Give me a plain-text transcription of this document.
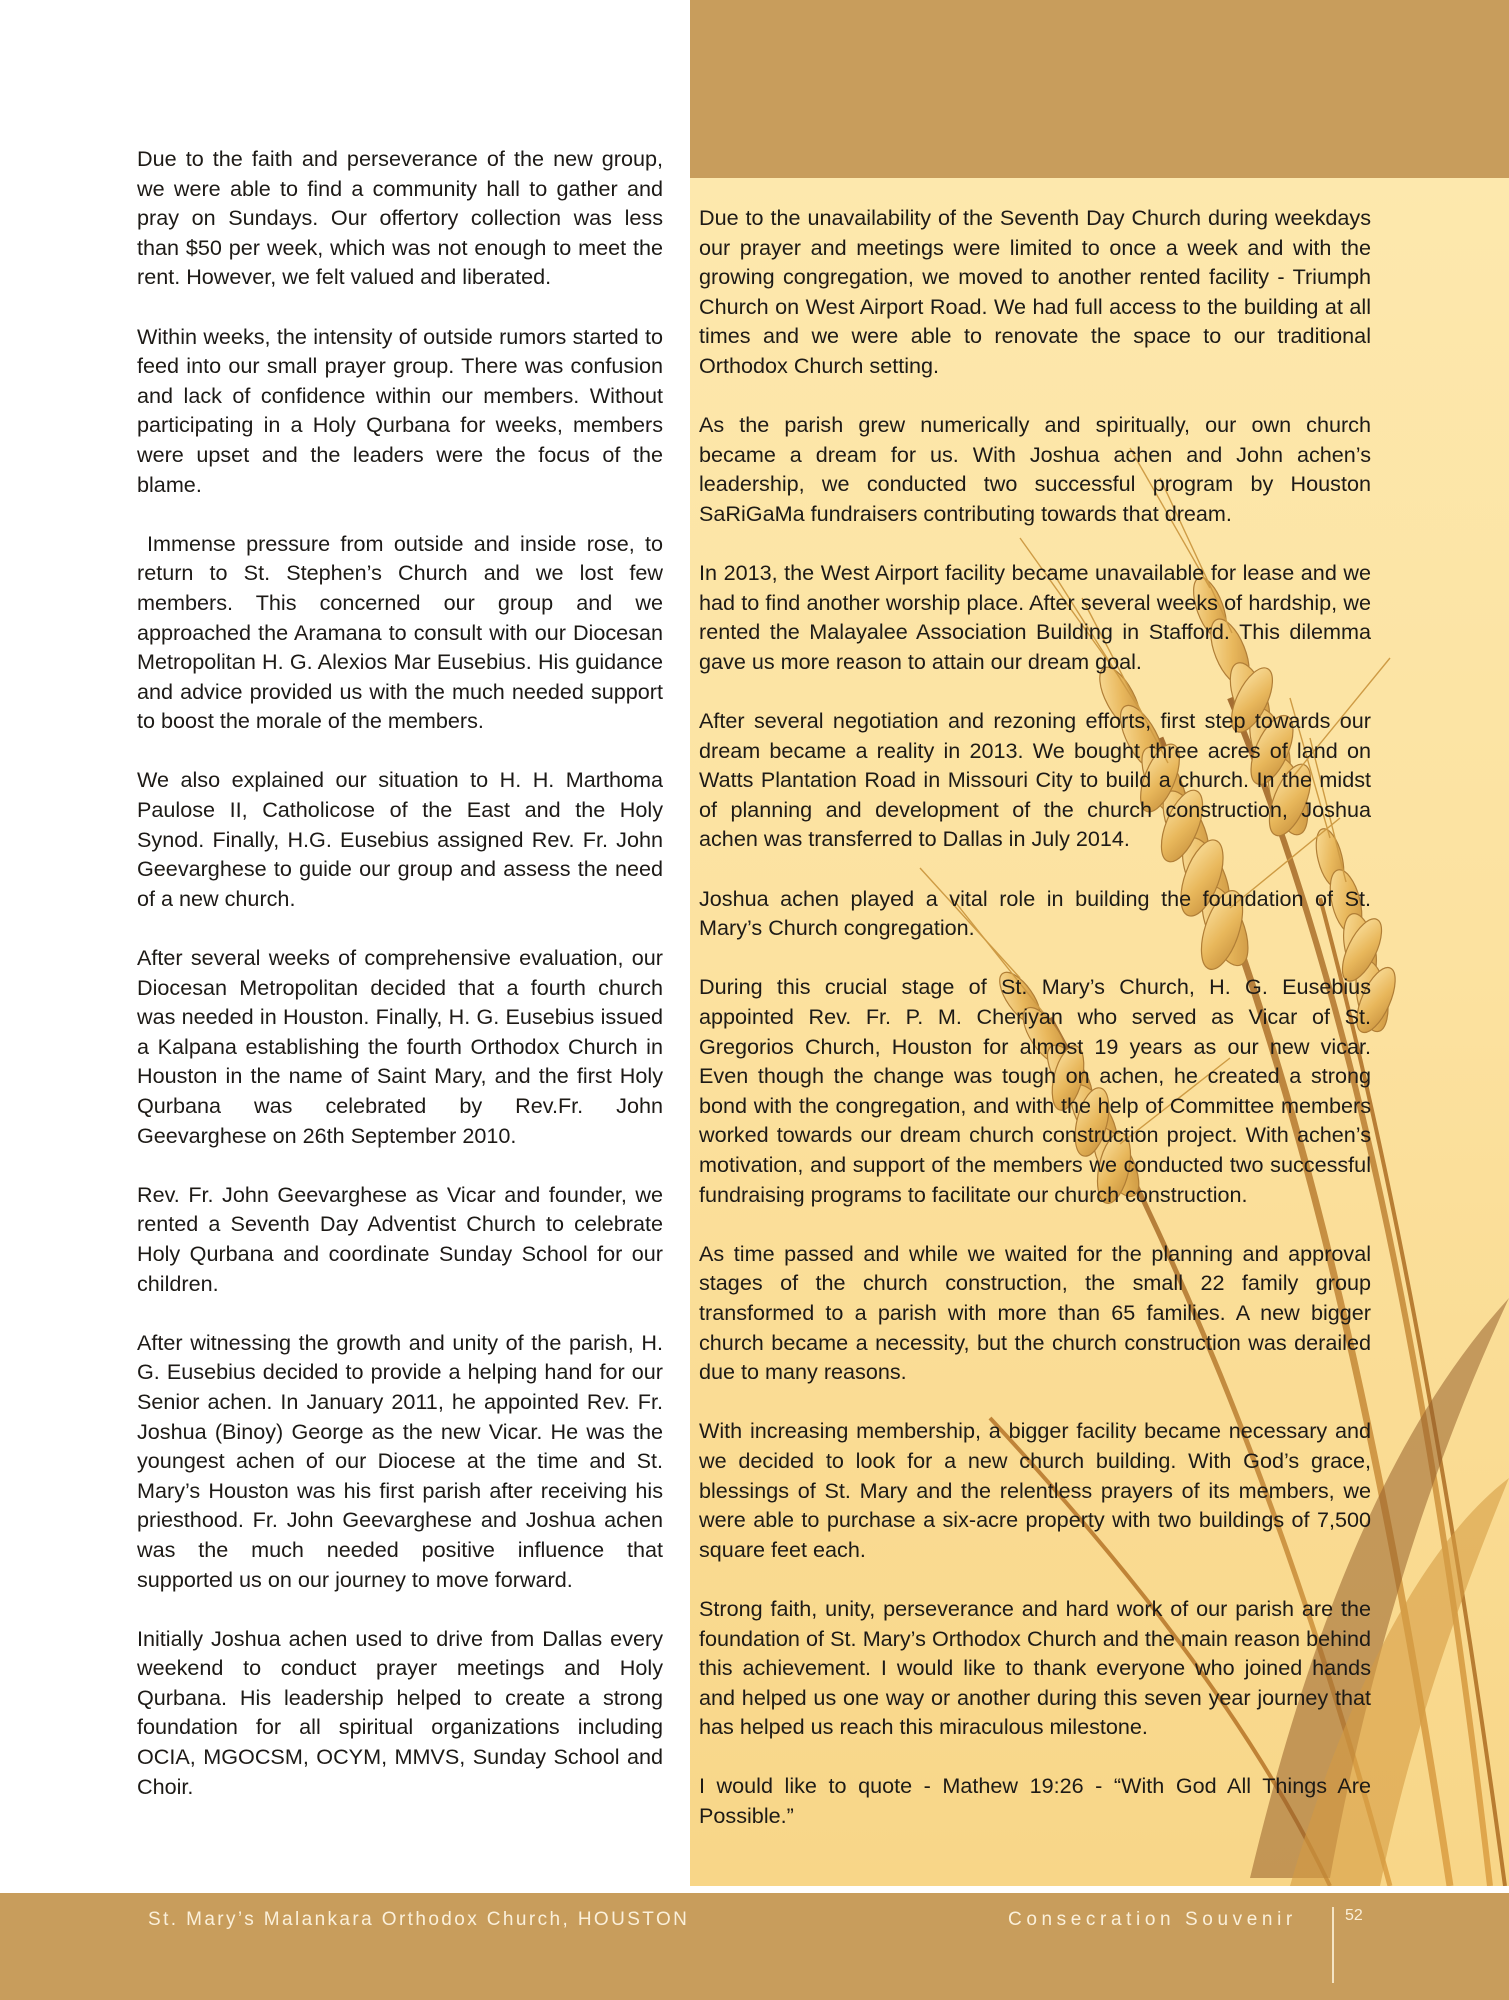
Due to the faith and perseverance of the new group, we were able to find a community hall to gather and pray on Sundays. Our offertory collection was less than $50 per week, which was not enough to meet the rent. However, we felt valued and liberated.

Within weeks, the intensity of outside rumors started to feed into our small prayer group. There was confusion and lack of confidence within our members. Without participating in a Holy Qurbana for weeks, members were upset and the leaders were the focus of the blame.

Immense pressure from outside and inside rose, to return to St. Stephen’s Church and we lost few members. This concerned our group and we approached the Aramana to consult with our Diocesan Metropolitan H. G. Alexios Mar Eusebius. His guidance and advice provided us with the much needed support to boost the morale of the members.

We also explained our situation to H. H. Marthoma Paulose II, Catholicose of the East and the Holy Synod. Finally, H.G. Eusebius assigned Rev. Fr. John Geevarghese to guide our group and assess the need of a new church.

After several weeks of comprehensive evaluation, our Diocesan Metropolitan decided that a fourth church was needed in Houston. Finally, H. G. Eusebius issued a Kalpana establishing the fourth Orthodox Church in Houston in the name of Saint Mary, and the first Holy Qurbana was celebrated by Rev.Fr. John Geevarghese on 26th September 2010.

Rev. Fr. John Geevarghese as Vicar and founder, we rented a Seventh Day Adventist Church to celebrate Holy Qurbana and coordinate Sunday School for our children.

After witnessing the growth and unity of the parish, H. G. Eusebius decided to provide a helping hand for our Senior achen. In January 2011, he appointed Rev. Fr. Joshua (Binoy) George as the new Vicar. He was the youngest achen of our Diocese at the time and St. Mary’s Houston was his first parish after receiving his priesthood. Fr. John Geevarghese and Joshua achen was the much needed positive influence that supported us on our journey to move forward.

Initially Joshua achen used to drive from Dallas every weekend to conduct prayer meetings and Holy Qurbana. His leadership helped to create a strong foundation for all spiritual organizations including OCIA, MGOCSM, OCYM, MMVS, Sunday School and Choir.

Due to the unavailability of the Seventh Day Church during weekdays our prayer and meetings were limited to once a week and with the growing congregation, we moved to another rented facility - Triumph Church on West Airport Road. We had full access to the building at all times and we were able to renovate the space to our traditional Orthodox Church setting.

As the parish grew numerically and spiritually, our own church became a dream for us. With Joshua achen and John achen’s leadership, we conducted two successful program by Houston SaRiGaMa fundraisers contributing towards that dream.

In 2013, the West Airport facility became unavailable for lease and we had to find another worship place. After several weeks of hardship, we rented the Malayalee Association Building in Stafford. This dilemma gave us more reason to attain our dream goal.

After several negotiation and rezoning efforts, first step towards our dream became a reality in 2013. We bought three acres of land on Watts Plantation Road in Missouri City to build a church. In the midst of planning and development of the church construction, Joshua achen was transferred to Dallas in July 2014.

Joshua achen played a vital role in building the foundation of St. Mary’s Church congregation.

During this crucial stage of St. Mary’s Church, H. G. Eusebius appointed Rev. Fr. P. M. Cheriyan who served as Vicar of St. Gregorios Church, Houston for almost 19 years as our new vicar. Even though the change was tough on achen, he created a strong bond with the congregation, and with the help of Committee members worked towards our dream church construction project. With achen’s motivation, and support of the members we conducted two successful fundraising programs to facilitate our church construction.

As time passed and while we waited for the planning and approval stages of the church construction, the small 22 family group transformed to a parish with more than 65 families. A new bigger church became a necessity, but the church construction was derailed due to many reasons.

With increasing membership, a bigger facility became necessary and we decided to look for a new church building. With God’s grace, blessings of St. Mary and the relentless prayers of its members, we were able to purchase a six-acre property with two buildings of 7,500 square feet each.

Strong faith, unity, perseverance and hard work of our parish are the foundation of St. Mary’s Orthodox Church and the main reason behind this achievement. I would like to thank everyone who joined hands and helped us one way or another during this seven year journey that has helped us reach this miraculous milestone.

I would like to quote - Mathew 19:26 - “With God All Things Are Possible.”

St. Mary’s Malankara Orthodox Church, HOUSTON	Consecration Souvenir	52
